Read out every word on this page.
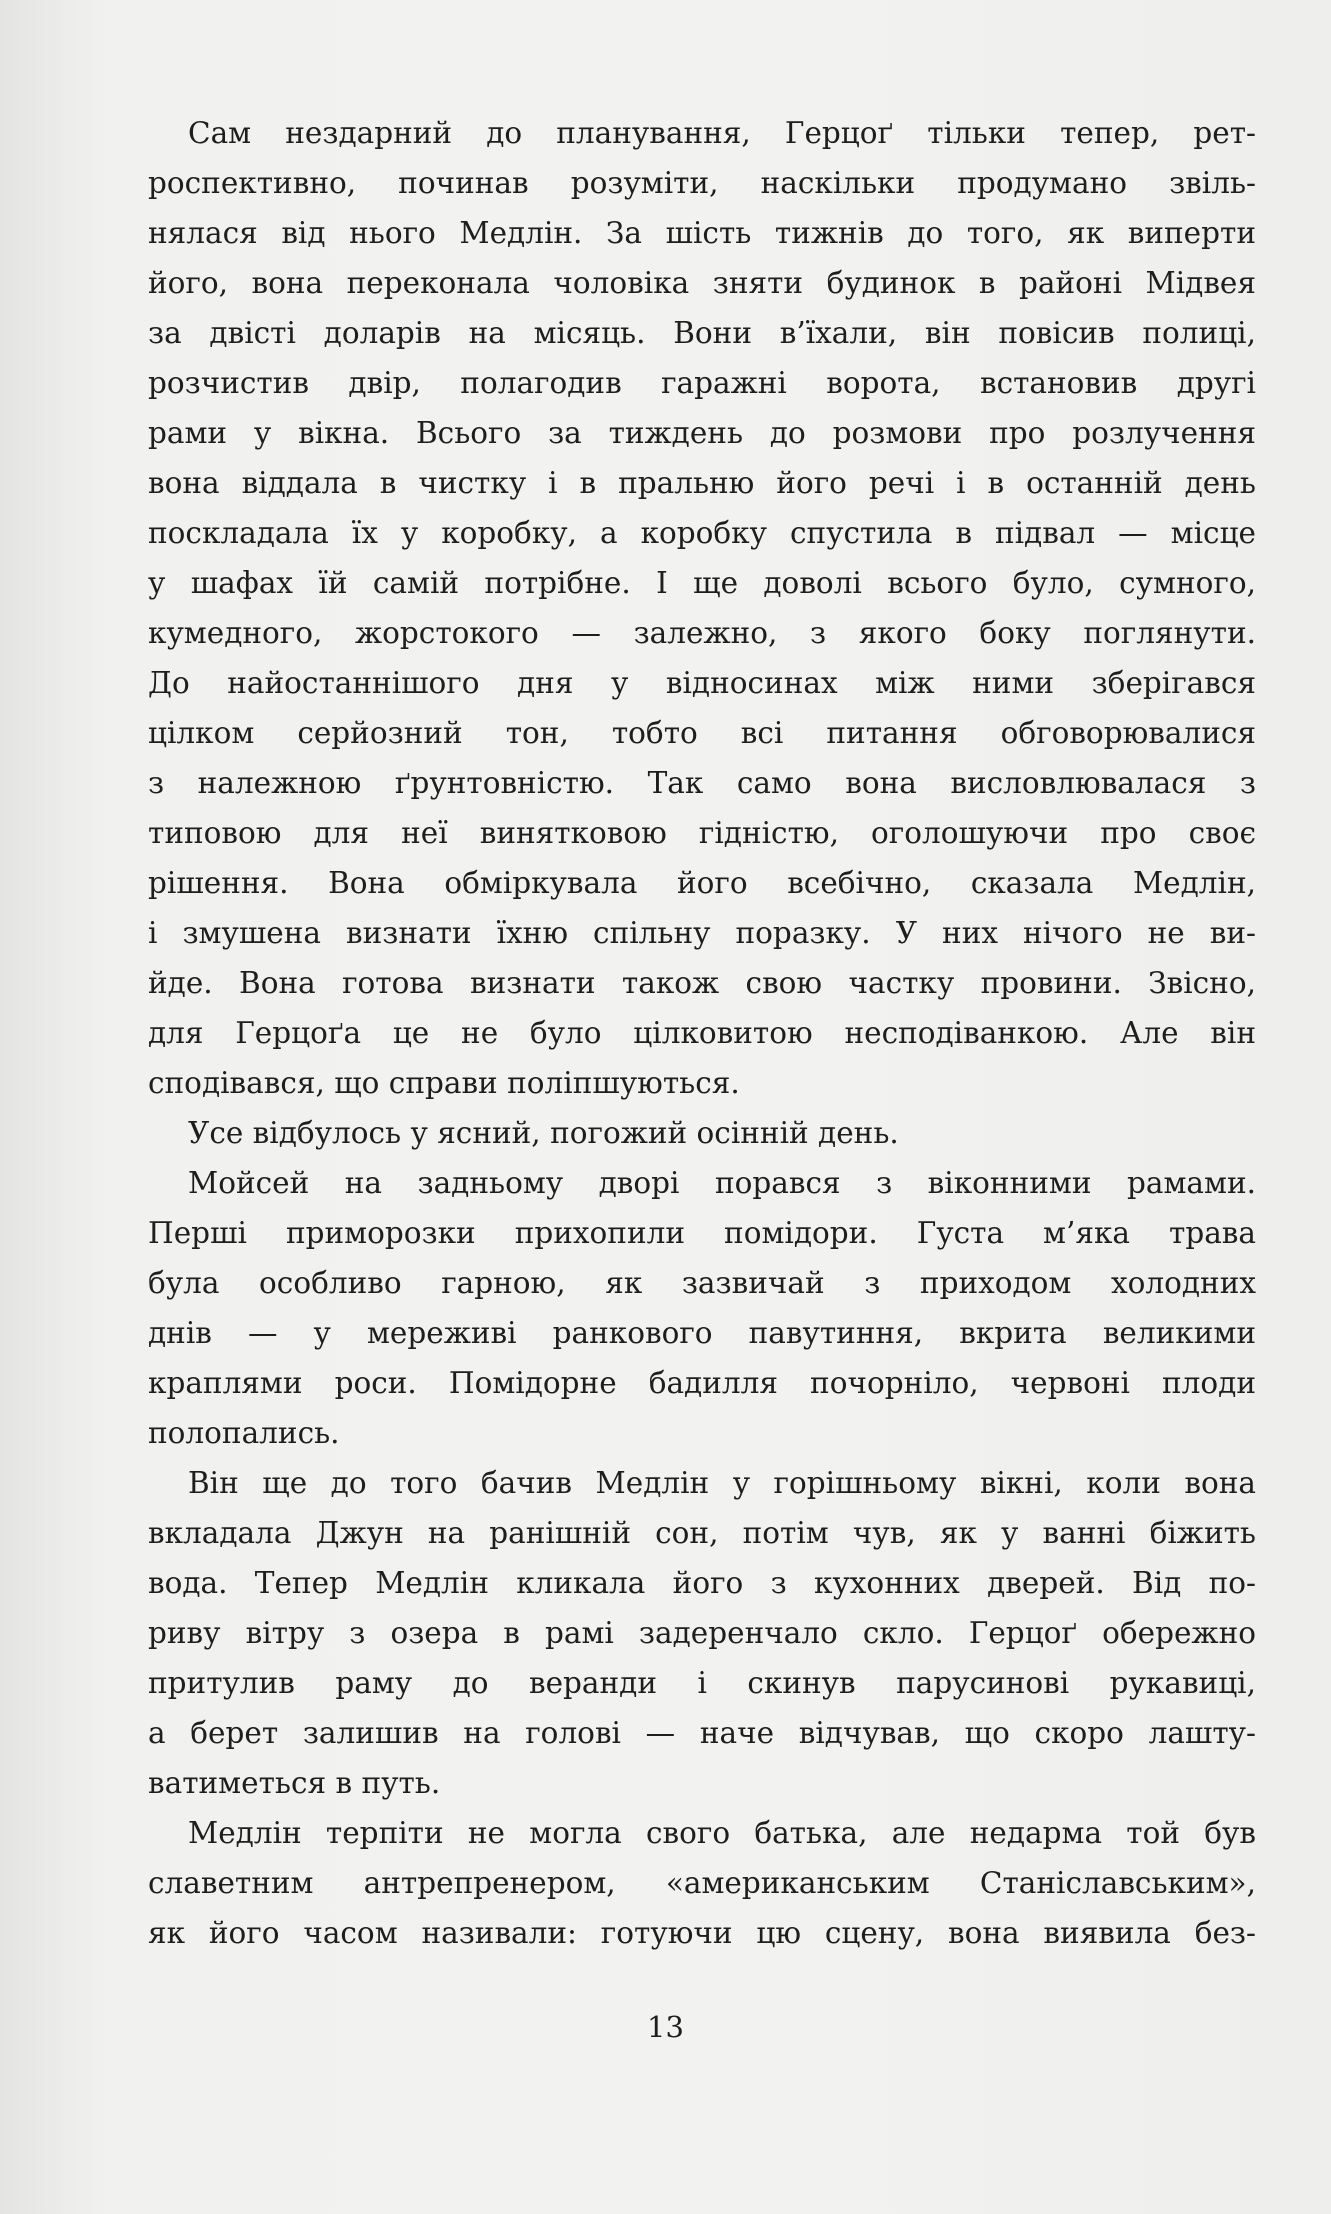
Сам нездарний до планування, Герцоґ тільки тепер, рет-
роспективно, починав розуміти, наскільки продумано звіль-
нялася від нього Медлін. За шість тижнів до того, як виперти
його, вона переконала чоловіка зняти будинок в районі Мідвея
за двісті доларів на місяць. Вони в’їхали, він повісив полиці,
розчистив двір, полагодив гаражні ворота, встановив другі
рами у вікна. Всього за тиждень до розмови про розлучення
вона віддала в чистку і в пральню його речі і в останній день
поскладала їх у коробку, а коробку спустила в підвал — місце
у шафах їй самій потрібне. І ще доволі всього було, сумного,
кумедного, жорстокого — залежно, з якого боку поглянути.
До найостаннішого дня у відносинах між ними зберігався
цілком серйозний тон, тобто всі питання обговорювалися
з належною ґрунтовністю. Так само вона висловлювалася з
типовою для неї винятковою гідністю, оголошуючи про своє
рішення. Вона обміркувала його всебічно, сказала Медлін,
і змушена визнати їхню спільну поразку. У них нічого не ви-
йде. Вона готова визнати також свою частку провини. Звісно,
для Герцоґа це не було цілковитою несподіванкою. Але він
сподівався, що справи поліпшуються.
Усе відбулось у ясний, погожий осінній день.
Мойсей на задньому дворі порався з віконними рамами.
Перші приморозки прихопили помідори. Густа м’яка трава
була особливо гарною, як зазвичай з приходом холодних
днів — у мереживі ранкового павутиння, вкрита великими
краплями роси. Помідорне бадилля почорніло, червоні плоди
полопались.
Він ще до того бачив Медлін у горішньому вікні, коли вона
вкладала Джун на ранішній сон, потім чув, як у ванні біжить
вода. Тепер Медлін кликала його з кухонних дверей. Від по-
риву вітру з озера в рамі задеренчало скло. Герцоґ обережно
притулив раму до веранди і скинув парусинові рукавиці,
а берет залишив на голові — наче відчував, що скоро лашту-
ватиметься в путь.
Медлін терпіти не могла свого батька, але недарма той був
славетним антрепренером, «американським Станіславським»,
як його часом називали: готуючи цю сцену, вона виявила без-
13
